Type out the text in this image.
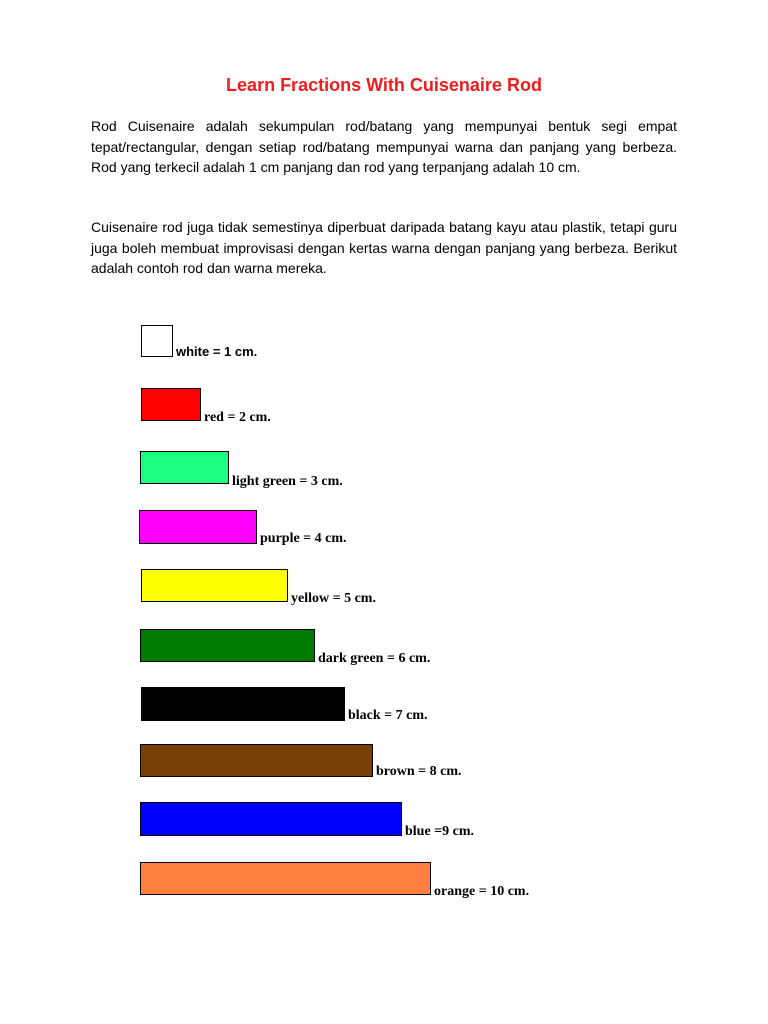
Learn Fractions With Cuisenaire Rod

Rod Cuisenaire adalah sekumpulan rod/batang yang mempunyai bentuk segi empat tepat/rectangular, dengan setiap rod/batang mempunyai warna dan panjang yang berbeza. Rod yang terkecil adalah 1 cm panjang dan rod yang terpanjang adalah 10 cm.

Cuisenaire rod juga tidak semestinya diperbuat daripada batang kayu atau plastik, tetapi guru juga boleh membuat improvisasi dengan kertas warna dengan panjang yang berbeza. Berikut adalah contoh rod dan warna mereka.

white = 1 cm.
red = 2 cm.
light green = 3 cm.
purple = 4 cm.
yellow = 5 cm.
dark green = 6 cm.
black = 7 cm.
brown = 8 cm.
blue =9 cm.
orange = 10 cm.
